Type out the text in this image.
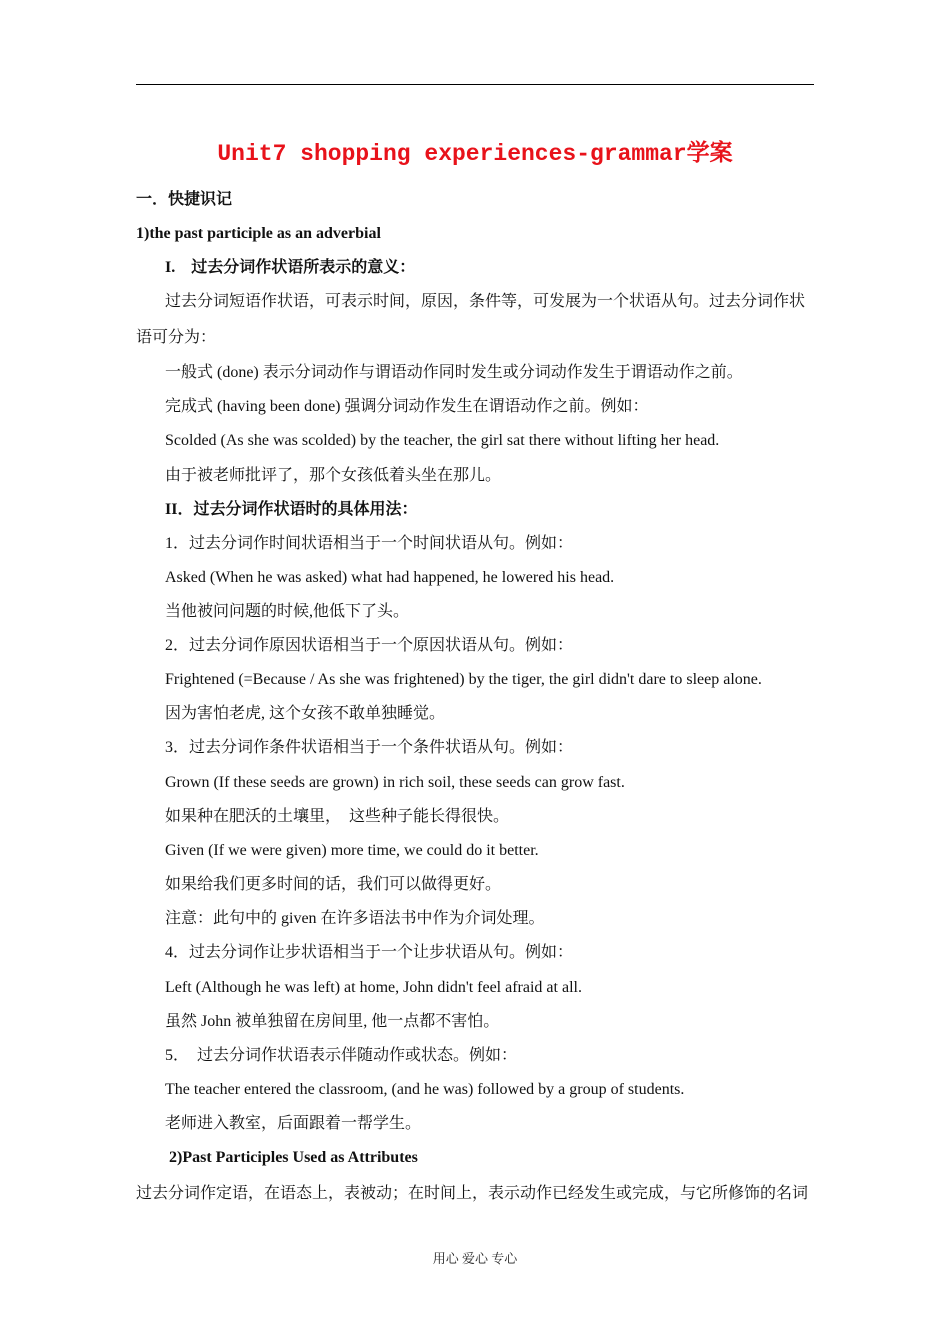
Unit7 shopping experiences-grammar学案
一．快捷识记
1)the past participle as an adverbial
I.　过去分词作状语所表示的意义：
过去分词短语作状语，可表示时间，原因，条件等，可发展为一个状语从句。过去分词作状
语可分为：
一般式 (done) 表示分词动作与谓语动作同时发生或分词动作发生于谓语动作之前。
完成式 (having been done) 强调分词动作发生在谓语动作之前。例如：
Scolded (As she was scolded) by the teacher, the girl sat there without lifting her head.
由于被老师批评了，那个女孩低着头坐在那儿。
II．过去分词作状语时的具体用法：
1．过去分词作时间状语相当于一个时间状语从句。例如：
Asked (When he was asked) what had happened, he lowered his head.
当他被问问题的时候,他低下了头。
2．过去分词作原因状语相当于一个原因状语从句。例如：
Frightened (=Because / As she was frightened) by the tiger, the girl didn't dare to sleep alone.
因为害怕老虎, 这个女孩不敢单独睡觉。
3．过去分词作条件状语相当于一个条件状语从句。例如：
Grown (If these seeds are grown) in rich soil, these seeds can grow fast.
如果种在肥沃的土壤里，　这些种子能长得很快。
Given (If we were given) more time, we could do it better.
如果给我们更多时间的话，我们可以做得更好。
注意：此句中的 given 在许多语法书中作为介词处理。
4．过去分词作让步状语相当于一个让步状语从句。例如：
Left (Although he was left) at home, John didn't feel afraid at all.
虽然 John 被单独留在房间里, 他一点都不害怕。
5．　过去分词作状语表示伴随动作或状态。例如：
The teacher entered the classroom, (and he was) followed by a group of students.
老师进入教室，后面跟着一帮学生。
2)Past Participles Used as Attributes
过去分词作定语，在语态上，表被动；在时间上，表示动作已经发生或完成，与它所修饰的名词
用心 爱心 专心
